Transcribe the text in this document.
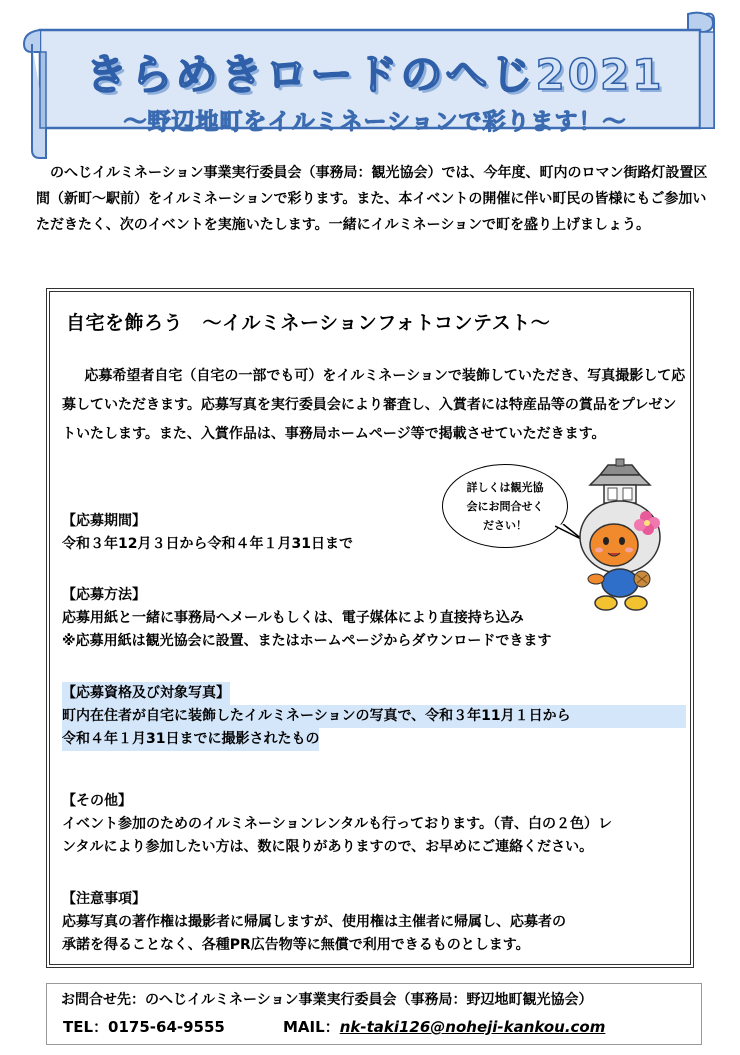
きらめきロードのへじ2021
～野辺地町をイルミネーションで彩ります！～
のへじイルミネーション事業実行委員会（事務局：観光協会）では、今年度、町内のロマン街路灯設置区間（新町～駅前）をイルミネーションで彩ります。また、本イベントの開催に伴い町民の皆様にもご参加いただきたく、次のイベントを実施いたします。一緒にイルミネーションで町を盛り上げましょう。
自宅を飾ろう　～イルミネーションフォトコンテスト～
応募希望者自宅（自宅の一部でも可）をイルミネーションで装飾していただき、写真撮影して応募していただきます。応募写真を実行委員会により審査し、入賞者には特産品等の賞品をプレゼントいたします。また、入賞作品は、事務局ホームページ等で掲載させていただきます。
【応募期間】
令和３年12月３日から令和４年１月31日まで
【応募方法】
応募用紙と一緒に事務局へメールもしくは、電子媒体により直接持ち込み
※応募用紙は観光協会に設置、またはホームページからダウンロードできます
【応募資格及び対象写真】
町内在住者が自宅に装飾したイルミネーションの写真で、令和３年11月１日から
令和４年１月31日までに撮影されたもの
【その他】
イベント参加のためのイルミネーションレンタルも行っております。（青、白の２色）レ
ンタルにより参加したい方は、数に限りがありますので、お早めにご連絡ください。
【注意事項】
応募写真の著作権は撮影者に帰属しますが、使用権は主催者に帰属し、応募者の
承諾を得ることなく、各種PR広告物等に無償で利用できるものとします。
詳しくは観光協
会にお問合せく
ださい！
お問合せ先：のへじイルミネーション事業実行委員会（事務局：野辺地町観光協会）
TEL：0175-64-9555	MAIL：nk-taki126@noheji-kankou.com
